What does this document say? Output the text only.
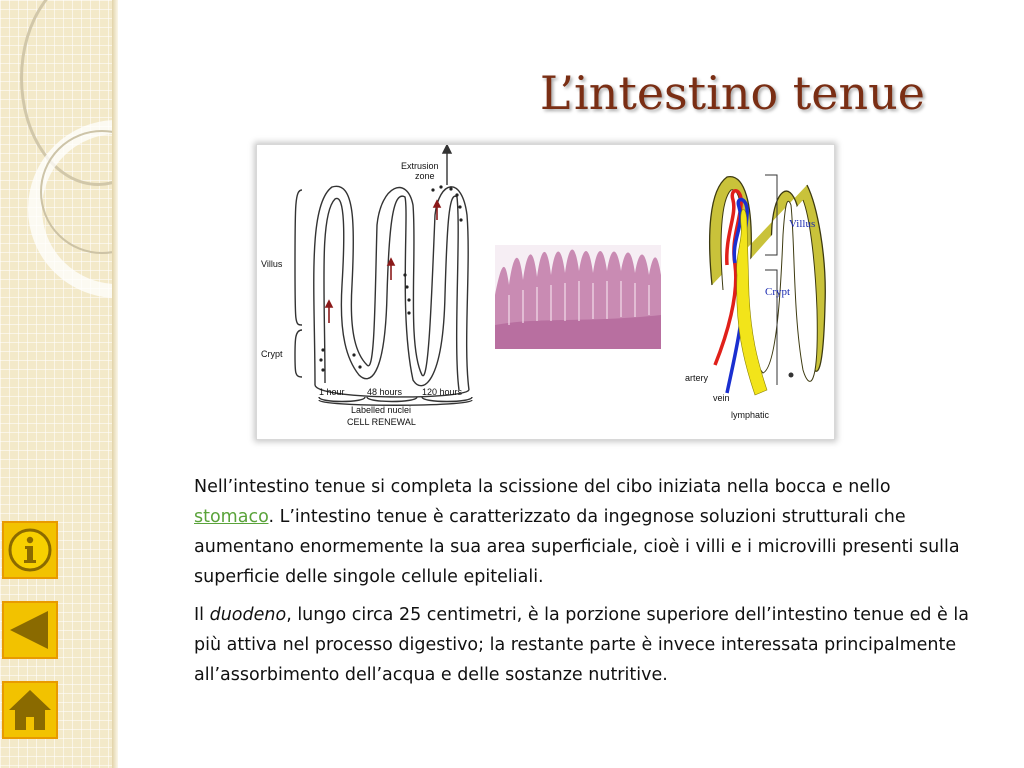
L’intestino tenue
Extrusion
zone
Villus
Crypt
1 hour 48 hours 120 hours
Labelled nuclei
CELL RENEWAL
Villus
Crypt
artery
vein
lymphatic

Nell’intestino tenue si completa la scissione del cibo iniziata nella bocca e nello stomaco. L’intestino tenue è caratterizzato da ingegnose soluzioni strutturali che aumentano enormemente la sua area superficiale, cioè i villi e i microvilli presenti sulla superficie delle singole cellule epiteliali.

Il duodeno, lungo circa 25 centimetri, è la porzione superiore dell’intestino tenue ed è la più attiva nel processo digestivo; la restante parte è invece interessata principalmente all’assorbimento dell’acqua e delle sostanze nutritive.
